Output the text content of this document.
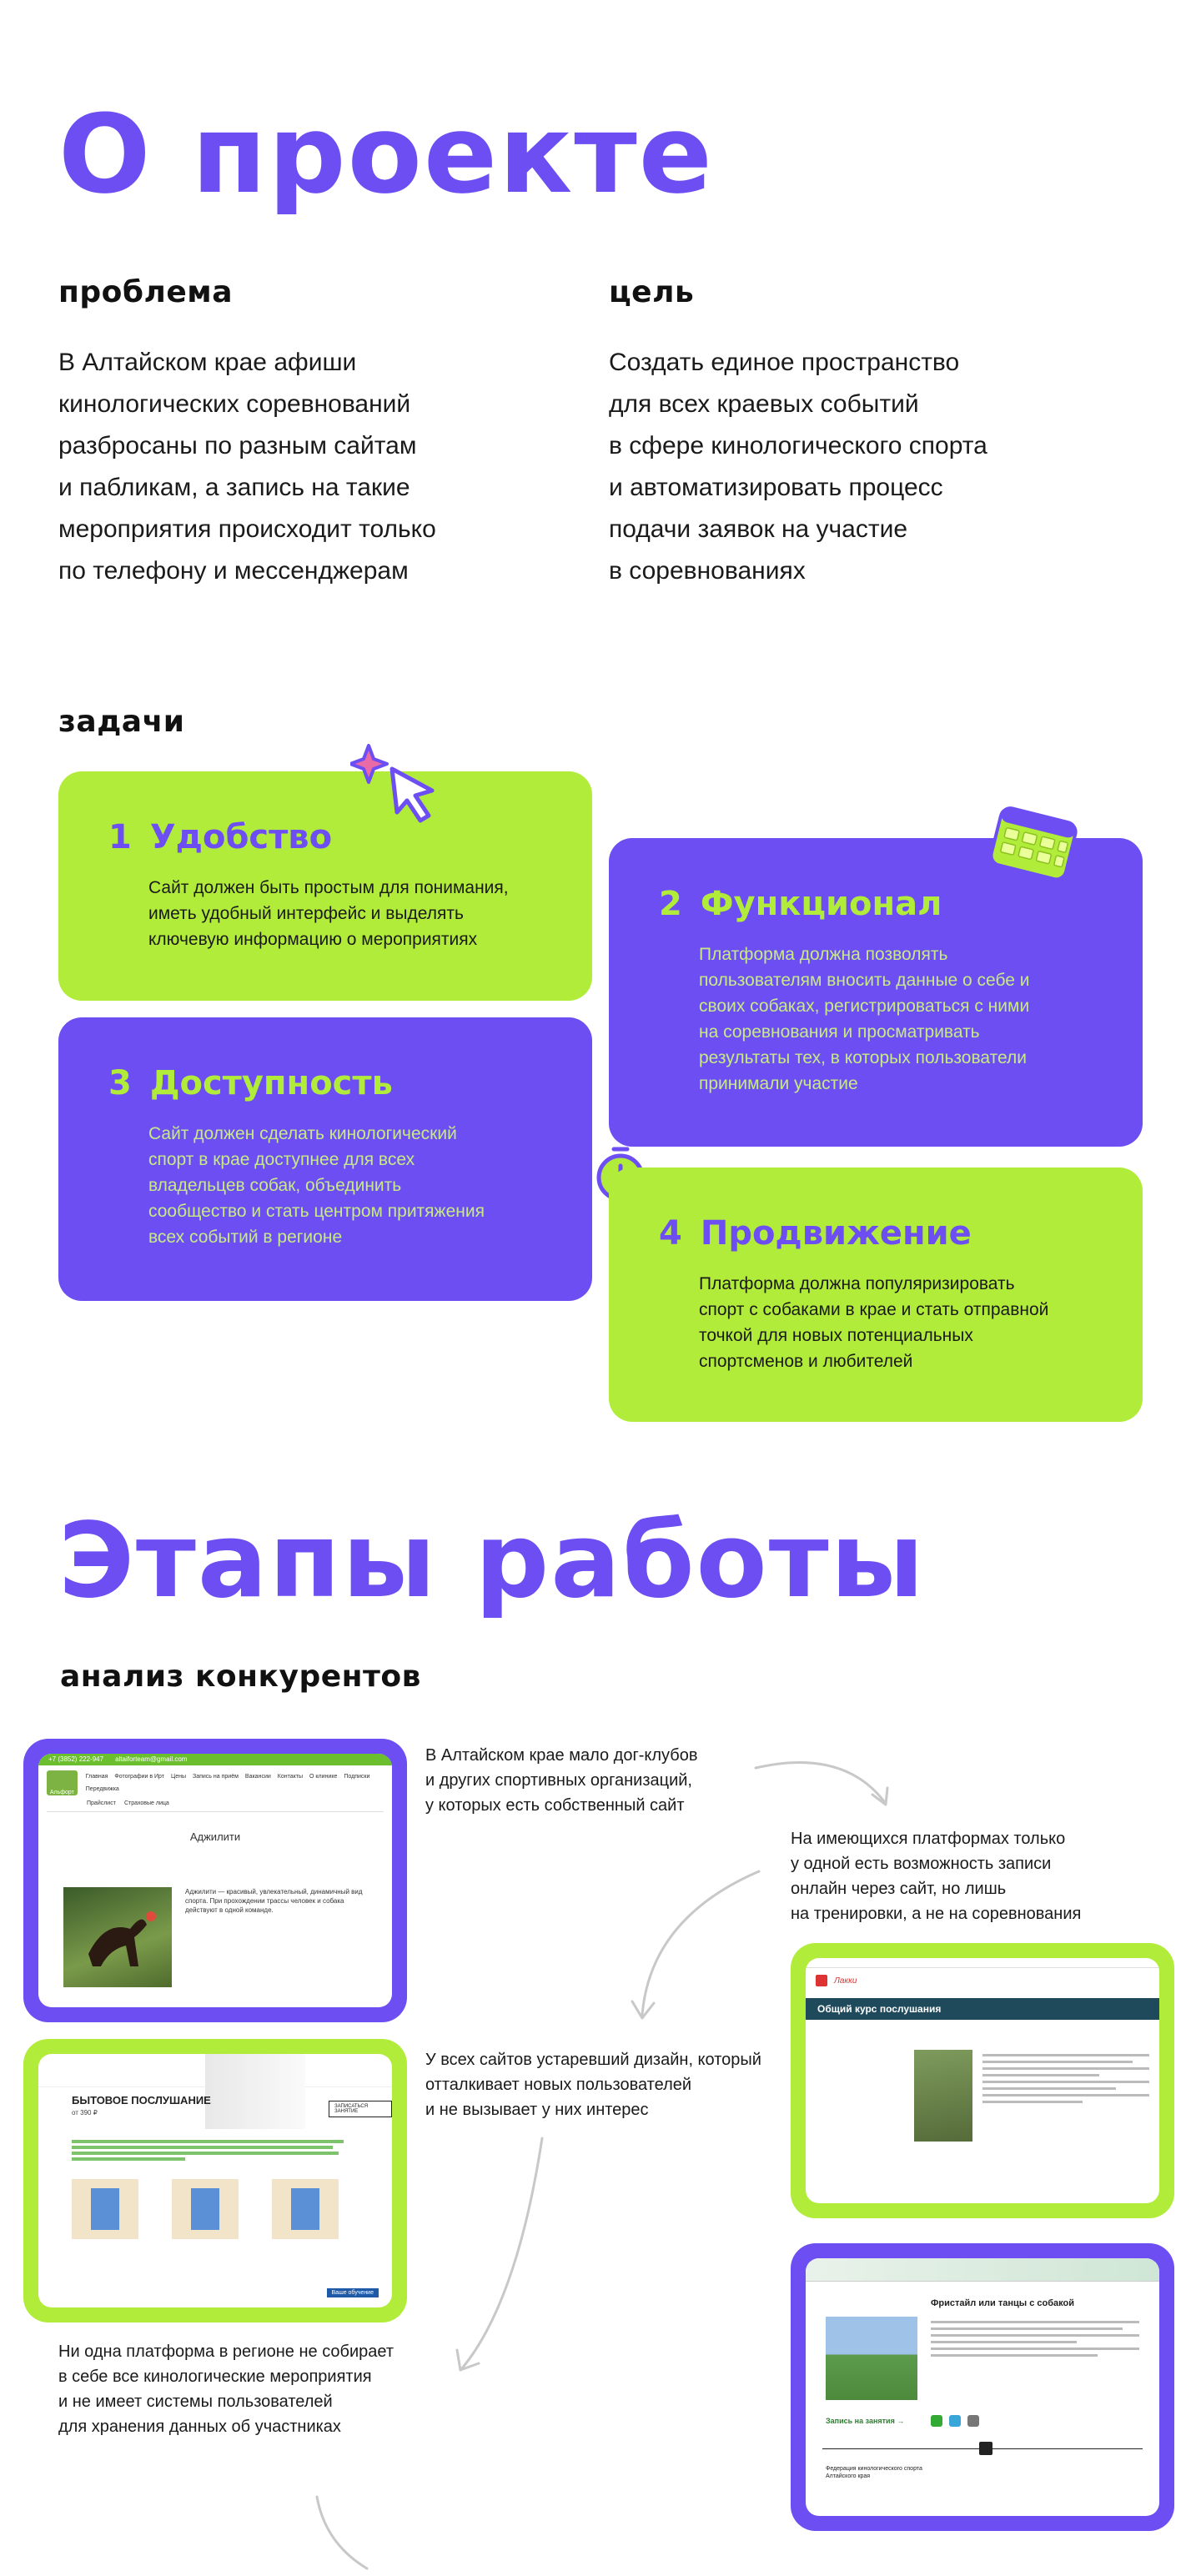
О проекте
проблема
В Алтайском крае афиши
кинологических соревнований
разбросаны по разным сайтам
и пабликам, а запись на такие
мероприятия происходит только
по телефону и мессенджерам
цель
Создать единое пространство
для всех краевых событий
в сфере кинологического спорта
и автоматизировать процесс
подачи заявок на участие
в соревнованиях
задачи
1 Удобство
Сайт должен быть простым для понимания,
иметь удобный интерфейс и выделять
ключевую информацию о мероприятиях
2 Функционал
Платформа должна позволять
пользователям вносить данные о себе и
своих собаках, регистрироваться с ними
на соревнования и просматривать
результаты тех, в которых пользователи
принимали участие
3 Доступность
Сайт должен сделать кинологический
спорт в крае доступнее для всех
владельцев собак, объединить
сообщество и стать центром притяжения
всех событий в регионе	4 Продвижение
Платформа должна популяризировать
спорт с собаками в крае и стать отправной
точкой для новых потенциальных
спортсменов и любителей
Этапы работы
анализ конкурентов
+7 (3852) 222-947 altaiforteam@gmail.com
Альфорт
Главная Фотографии в Ирт Цены Запись на приём Вакансии Контакты О клинике Подписки
Передвижка
Прайслист Страховые лица
Аджилити
Аджилити — красивый, увлекательный, динамичный вид спорта. При прохождении трассы человек и собака действуют в одной команде.
В Алтайском крае мало дог-клубов
и других спортивных организаций,
у которых есть собственный сайт
На имеющихся платформах только
у одной есть возможность записи
онлайн через сайт, но лишь
на тренировки, а не на соревнования
БЫТОВОЕ ПОСЛУШАНИЕ
от 390 ₽
ЗАПИСАТЬСЯ ЗАНЯТИЕ
Ваше обучение
У всех сайтов устаревший дизайн, который
отталкивает новых пользователей
и не вызывает у них интерес
Лакки
Общий курс послушания
Фристайл или танцы с собакой
Запись на занятия →
Федерация кинологического спорта Алтайского края
Ни одна платформа в регионе не собирает
в себе все кинологические мероприятия
и не имеет системы пользователей
для хранения данных об участниках
